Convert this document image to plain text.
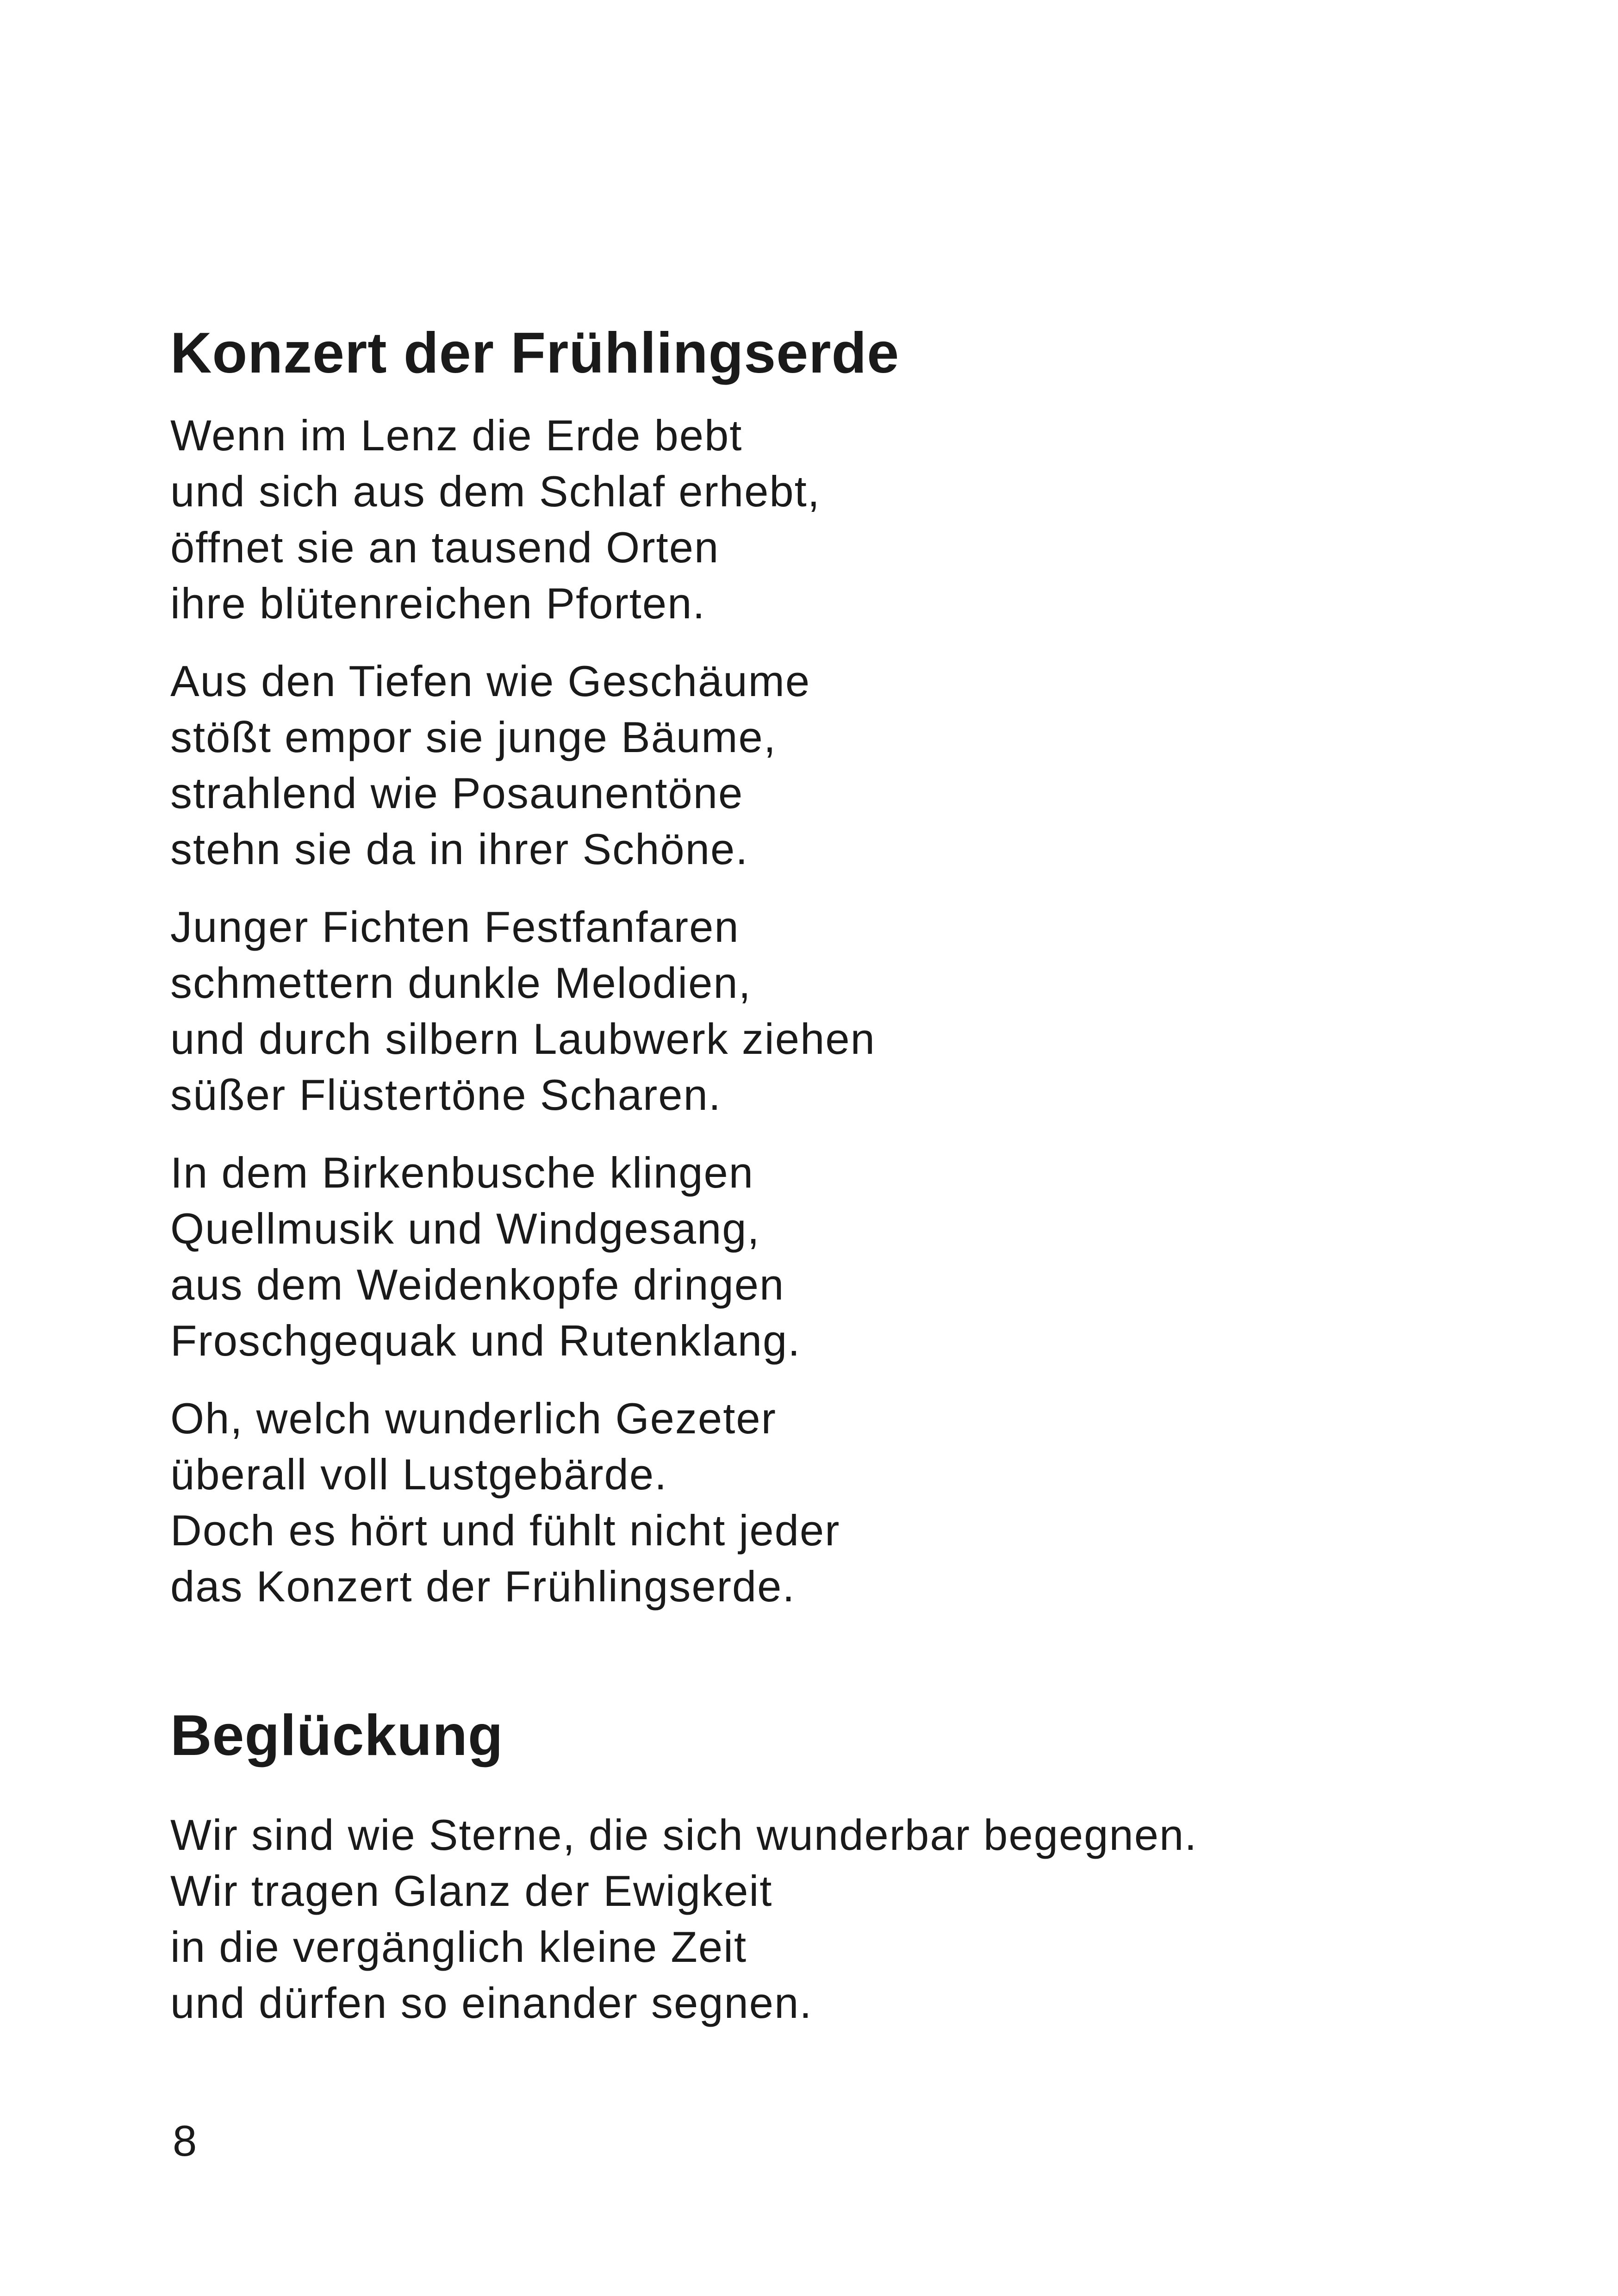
Konzert der Frühlingserde

Wenn im Lenz die Erde bebt
und sich aus dem Schlaf erhebt,
öffnet sie an tausend Orten
ihre blütenreichen Pforten.

Aus den Tiefen wie Geschäume
stößt empor sie junge Bäume,
strahlend wie Posaunentöne
stehn sie da in ihrer Schöne.

Junger Fichten Festfanfaren
schmettern dunkle Melodien,
und durch silbern Laubwerk ziehen
süßer Flüstertöne Scharen.

In dem Birkenbusche klingen
Quellmusik und Windgesang,
aus dem Weidenkopfe dringen
Froschgequak und Rutenklang.

Oh, welch wunderlich Gezeter
überall voll Lustgebärde.
Doch es hört und fühlt nicht jeder
das Konzert der Frühlingserde.

Beglückung

Wir sind wie Sterne, die sich wunderbar begegnen.
Wir tragen Glanz der Ewigkeit
in die vergänglich kleine Zeit
und dürfen so einander segnen.

8
